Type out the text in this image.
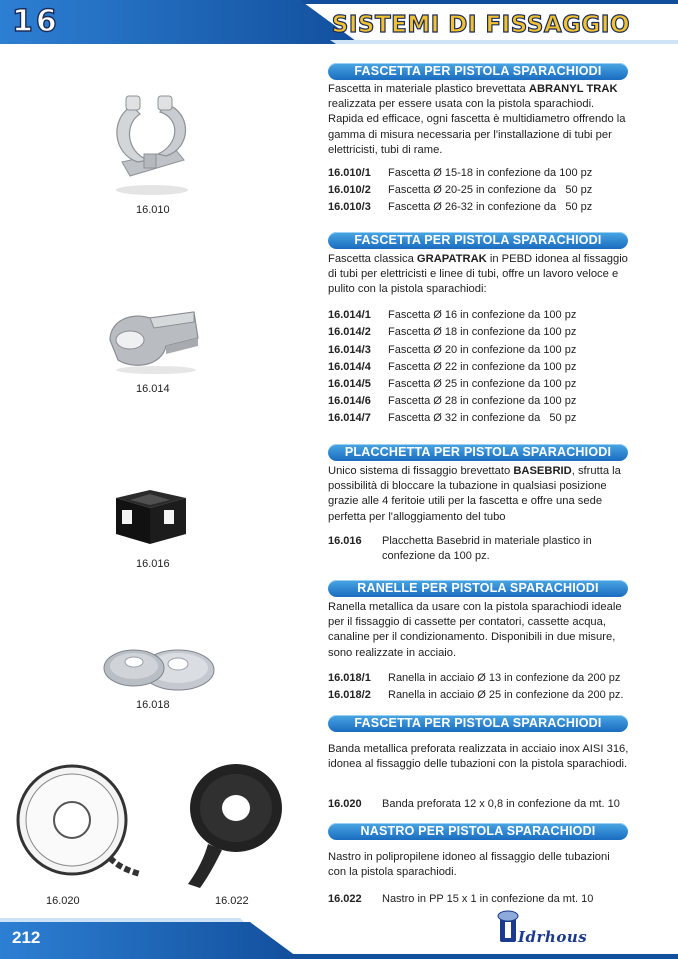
16	SISTEMI DI FISSAGGIO
16.010
16.014
16.016
16.018
16.020	16.022
FASCETTA PER PISTOLA SPARACHIODI
Fascetta in materiale plastico brevettata ABRANYL TRAK realizzata per essere usata con la pistola sparachiodi. Rapida ed efficace, ogni fascetta è multidiametro offrendo la gamma di misura necessaria per l'installazione di tubi per elettricisti, tubi di rame.
16.010/1 Fascetta Ø 15-18 in confezione da 100 pz
16.010/2 Fascetta Ø 20-25 in confezione da   50 pz
16.010/3 Fascetta Ø 26-32 in confezione da   50 pz
FASCETTA PER PISTOLA SPARACHIODI
Fascetta classica GRAPATRAK in PEBD idonea al fissaggio di tubi per elettricisti e linee di tubi, offre un lavoro veloce e pulito con la pistola sparachiodi:
16.014/1 Fascetta Ø 16 in confezione da 100 pz
16.014/2 Fascetta Ø 18 in confezione da 100 pz
16.014/3 Fascetta Ø 20 in confezione da 100 pz
16.014/4 Fascetta Ø 22 in confezione da 100 pz
16.014/5 Fascetta Ø 25 in confezione da 100 pz
16.014/6 Fascetta Ø 28 in confezione da 100 pz
16.014/7 Fascetta Ø 32 in confezione da   50 pz
PLACCHETTA PER PISTOLA SPARACHIODI
Unico sistema di fissaggio brevettato BASEBRID, sfrutta la possibilità di bloccare la tubazione in qualsiasi posizione grazie alle 4 feritoie utili per la fascetta e offre una sede perfetta per l'alloggiamento del tubo
16.016 Placchetta Basebrid in materiale plastico in confezione da 100 pz.
RANELLE PER PISTOLA SPARACHIODI
Ranella metallica da usare con la pistola sparachiodi ideale per il fissaggio di cassette per contatori, cassette acqua, canaline per il condizionamento. Disponibili in due misure, sono realizzate in acciaio.
16.018/1 Ranella in acciaio Ø 13 in confezione da 200 pz
16.018/2 Ranella in acciaio Ø 25 in confezione da 200 pz.
FASCETTA PER PISTOLA SPARACHIODI
Banda metallica preforata realizzata in acciaio inox AISI 316, idonea al fissaggio delle tubazioni con la pistola sparachiodi.
16.020 Banda preforata 12 x 0,8 in confezione da mt. 10
NASTRO PER PISTOLA SPARACHIODI
Nastro in polipropilene idoneo al fissaggio delle tubazioni con la pistola sparachiodi.
16.022 Nastro in PP 15 x 1 in confezione da mt. 10
212	Idrhous
